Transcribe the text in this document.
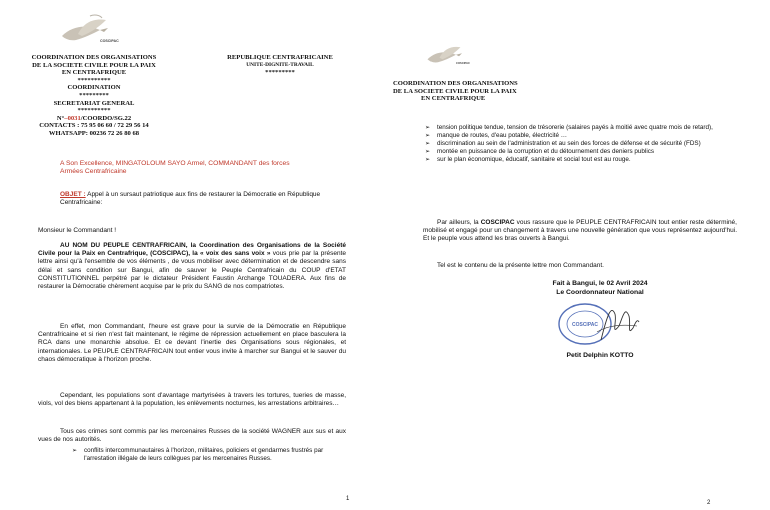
COSCIPAC
COORDINATION DES ORGANISATIONS
DE LA SOCIETE CIVILE POUR LA PAIX
EN CENTRAFRIQUE
**********
COORDINATION
*********
SECRETARIAT GENERAL
**********
N°–0031/COORDO/SG.22
CONTACTS : 75 95 06 60 / 72 29 56 14
WHATSAPP: 00236 72 26 80 68
REPUBLIQUE CENTRAFRICAINE
UNITE-DIGNITE-TRAVAIL
*********
A Son Excellence, MINGATOLOUM SAYO Armel, COMMANDANT des forces
Armées Centrafricaine
OBJET : Appel à un sursaut patriotique aux fins de restaurer la Démocratie en République Centrafricaine:
Monsieur le Commandant !
AU NOM DU PEUPLE CENTRAFRICAIN, la Coordination des Organisations de la Société Civile pour la Paix en Centrafrique, (COSCIPAC), la « voix des sans voix » vous prie par la présente lettre ainsi qu'à l'ensemble de vos éléments , de vous mobiliser avec détermination et de descendre sans délai et sans condition sur Bangui, afin de sauver le Peuple Centrafricain du COUP d'ETAT CONSTITUTIONNEL perpétré par le dictateur Président Faustin Archange TOUADERA. Aux fins de restaurer la Démocratie chèrement acquise par le prix du SANG de nos compatriotes.
En effet, mon Commandant, l'heure est grave pour la survie de la Démocratie en République Centrafricaine et si rien n'est fait maintenant, le régime de répression actuellement en place basculera la RCA dans une monarchie absolue. Et ce devant l'inertie des Organisations sous régionales, et internationales. Le PEUPLE CENTRAFRICAIN tout entier vous invite à marcher sur Bangui et le sauver du chaos démocratique à l'horizon proche.
Cependant, les populations sont d'avantage martyrisées à travers les tortures, tueries de masse, viols, vol des biens appartenant à la population, les enlèvements nocturnes, les arrestations arbitraires…
Tous ces crimes sont commis par les mercenaires Russes de la société WAGNER aux sus et aux vues de nos autorités.
➢ conflits intercommunautaires à l'horizon, militaires, policiers et gendarmes frustrés par l'arrestation illégale de leurs collègues par les mercenaires Russes.
1
COSCIPAC
COORDINATION DES ORGANISATIONS
DE LA SOCIETE CIVILE POUR LA PAIX
EN CENTRAFRIQUE
➢ tension politique tendue, tension de trésorerie (salaires payés à moitié avec quatre mois de retard),
➢ manque de routes, d'eau potable, électricité …
➢ discrimination au sein de l'administration et au sein des forces de défense et de sécurité (FDS)
➢ montée en puissance de la corruption et du détournement des deniers publics
➢ sur le plan économique, éducatif, sanitaire et social tout est au rouge.
Par ailleurs, la COSCIPAC vous rassure que le PEUPLE CENTRAFRICAIN tout entier reste déterminé, mobilisé et engagé pour un changement à travers une nouvelle génération que vous représentez aujourd'hui. Et le peuple vous attend les bras ouverts à Bangui.
Tel est le contenu de la présente lettre mon Commandant.
Fait à Bangui, le 02 Avril 2024
Le Coordonnateur National
COSCIPAC
Petit Delphin KOTTO
2
